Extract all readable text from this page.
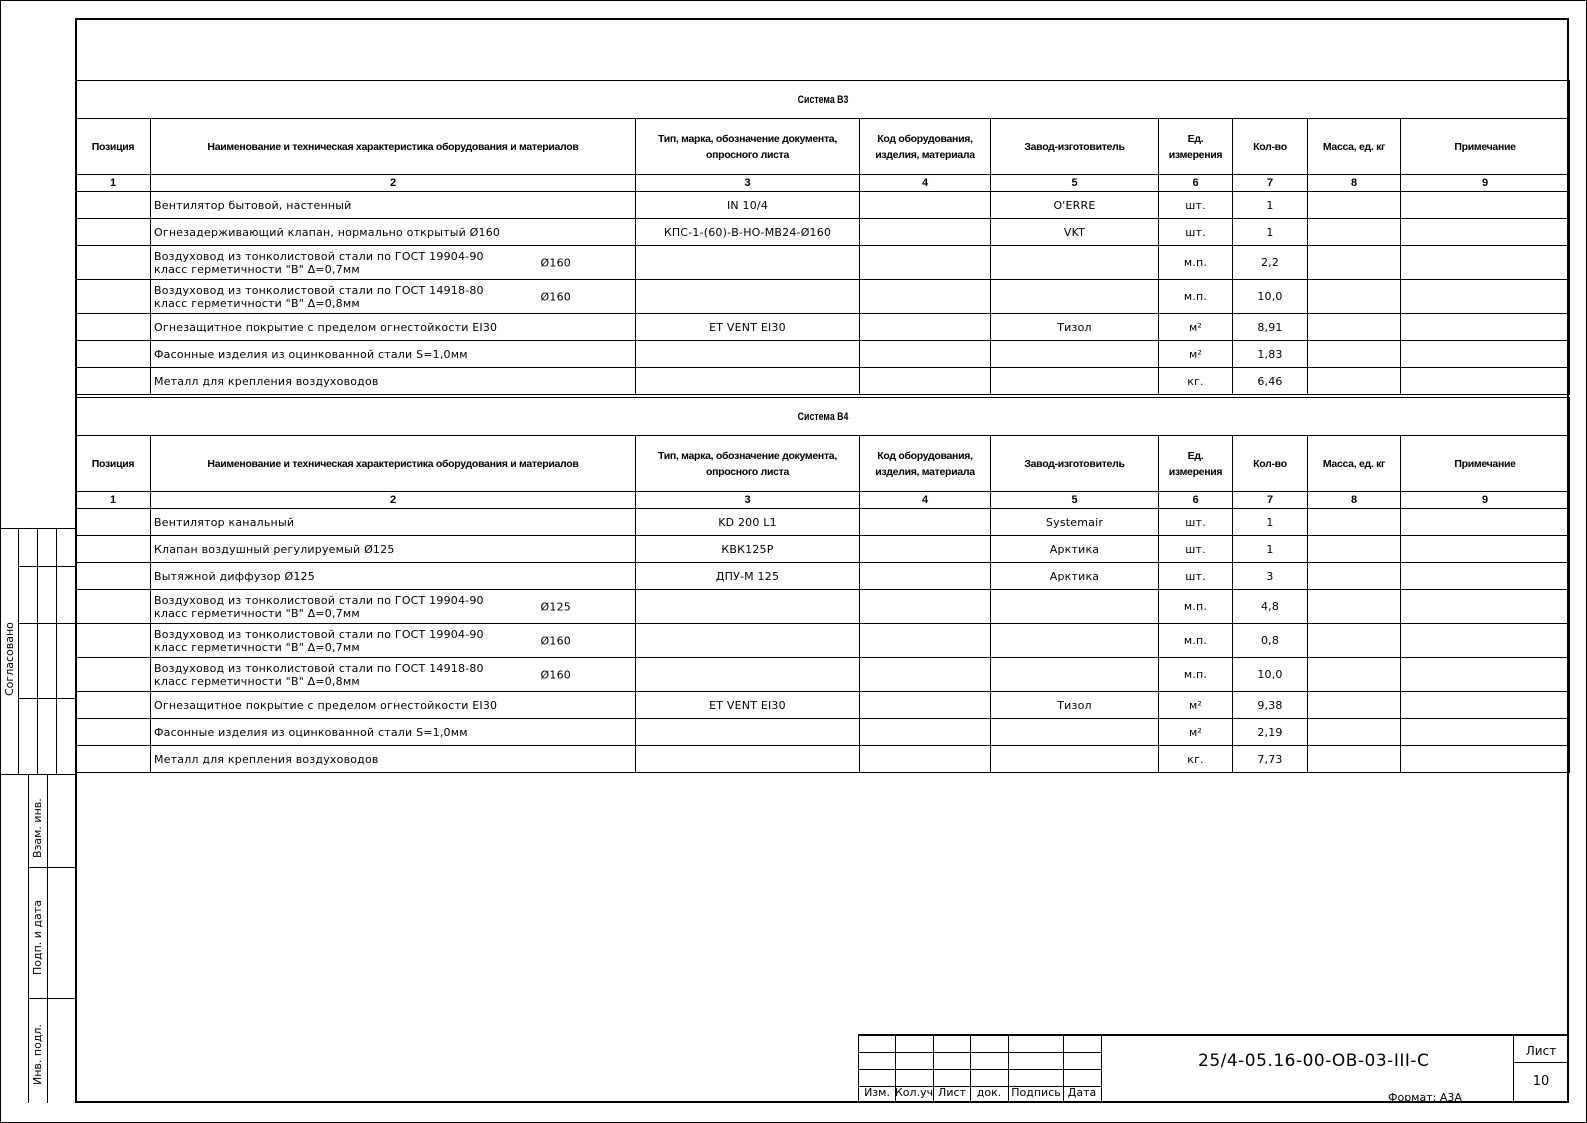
Система В3								
Позиция	Наименование и техническая характеристика оборудования и материалов	Тип, марка, обозначение документа, опросного листа	Код оборудования, изделия, материала	Завод-изготовитель	Ед. измерения	Кол-во	Масса, ед. кг	Примечание
1	2	3	4	5	6	7	8	9
	Вентилятор бытовой, настенный	IN 10/4		O'ERRE	шт.	1		
	Огнезадерживающий клапан, нормально открытый Ø160	КПС-1-(60)-В-НО-МВ24-Ø160		VKT	шт.	1		
	Воздуховод из тонколистовой стали по ГОСТ 19904-90 класс герметичности "В" Δ=0,7мм Ø160				м.п.	2,2		
	Воздуховод из тонколистовой стали по ГОСТ 14918-80 класс герметичности "В" Δ=0,8мм Ø160				м.п.	10,0		
	Огнезащитное покрытие с пределом огнестойкости EI30	ET VENT EI30		Тизол	м²	8,91		
	Фасонные изделия из оцинкованной стали S=1,0мм				м²	1,83		
	Металл для крепления воздуховодов				кг.	6,46		
Система В4								
Позиция	Наименование и техническая характеристика оборудования и материалов	Тип, марка, обозначение документа, опросного листа	Код оборудования, изделия, материала	Завод-изготовитель	Ед. измерения	Кол-во	Масса, ед. кг	Примечание
1	2	3	4	5	6	7	8	9
	Вентилятор канальный	KD 200 L1		Systemair	шт.	1		
	Клапан воздушный регулируемый Ø125	КВК125Р		Арктика	шт.	1		
	Вытяжной диффузор Ø125	ДПУ-М 125		Арктика	шт.	3		
	Воздуховод из тонколистовой стали по ГОСТ 19904-90 класс герметичности "В" Δ=0,7мм Ø125				м.п.	4,8		
	Воздуховод из тонколистовой стали по ГОСТ 19904-90 класс герметичности "В" Δ=0,7мм Ø160				м.п.	0,8		
	Воздуховод из тонколистовой стали по ГОСТ 14918-80 класс герметичности "В" Δ=0,8мм Ø160				м.п.	10,0		
	Огнезащитное покрытие с пределом огнестойкости EI30	ET VENT EI30		Тизол	м²	9,38		
	Фасонные изделия из оцинкованной стали S=1,0мм				м²	2,19		
	Металл для крепления воздуховодов				кг.	7,73		
Согласовано
Взам. инв.
Подп. и дата
Инв. подл.
Изм. Кол.уч Лист док. Подпись Дата
25/4-05.16-00-ОВ-03-III-С	Лист
10
Формат: А3А
